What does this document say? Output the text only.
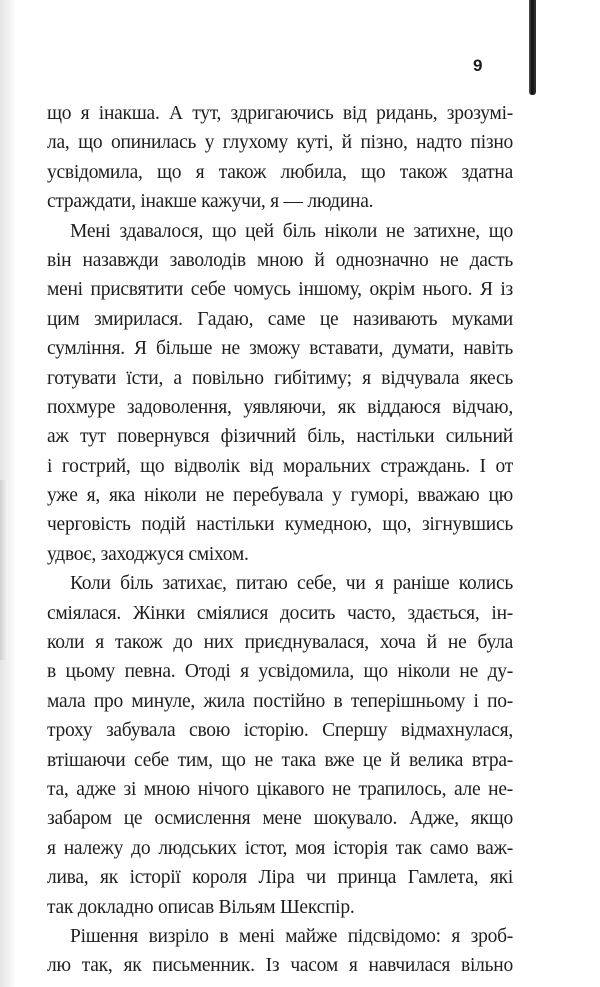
9
що я інакша. А тут, здригаючись від ридань, зрозумі-
ла, що опинилась у глухому куті, й пізно, надто пізно
усвідомила, що я також любила, що також здатна
страждати, інакше кажучи, я — людина.
Мені здавалося, що цей біль ніколи не затихне, що
він назавжди заволодів мною й однозначно не дасть
мені присвятити себе чомусь іншому, окрім нього. Я із
цим змирилася. Гадаю, саме це називають муками
сумління. Я більше не зможу вставати, думати, навіть
готувати їсти, а повільно гибітиму; я відчувала якесь
похмуре задоволення, уявляючи, як віддаюся відчаю,
аж тут повернувся фізичний біль, настільки сильний
і гострий, що відволік від моральних страждань. І от
уже я, яка ніколи не перебувала у гуморі, вважаю цю
черговість подій настільки кумедною, що, зігнувшись
удвоє, заходжуся сміхом.
Коли біль затихає, питаю себе, чи я раніше колись
сміялася. Жінки сміялися досить часто, здається, ін-
коли я також до них приєднувалася, хоча й не була
в цьому певна. Отоді я усвідомила, що ніколи не ду-
мала про минуле, жила постійно в теперішньому і по-
троху забувала свою історію. Спершу відмахнулася,
втішаючи себе тим, що не така вже це й велика втра-
та, адже зі мною нічого цікавого не трапилось, але не-
забаром це осмислення мене шокувало. Адже, якщо
я належу до людських істот, моя історія так само важ-
лива, як історії короля Ліра чи принца Гамлета, які
так докладно описав Вільям Шекспір.
Рішення визріло в мені майже підсвідомо: я зроб-
лю так, як письменник. Із часом я навчилася вільно
